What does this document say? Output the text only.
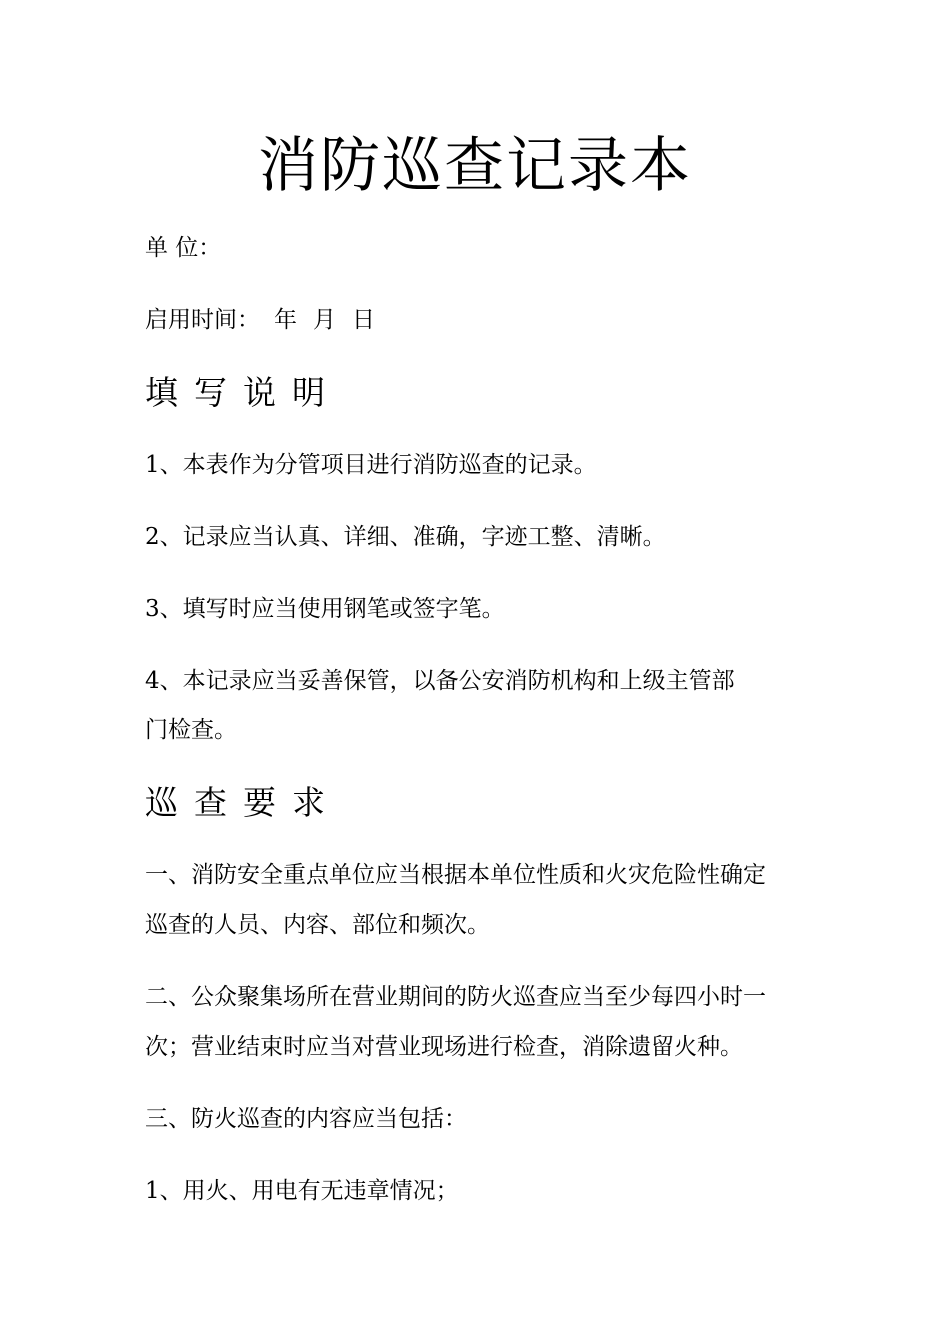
消防巡查记录本
单 位：
启用时间： 年 月 日
填写说明
1、本表作为分管项目进行消防巡查的记录。
2、记录应当认真、详细、准确，字迹工整、清晰。
3、填写时应当使用钢笔或签字笔。
4、本记录应当妥善保管，以备公安消防机构和上级主管部
门检查。
巡查要求
一、消防安全重点单位应当根据本单位性质和火灾危险性确定
巡查的人员、内容、部位和频次。
二、公众聚集场所在营业期间的防火巡查应当至少每四小时一
次；营业结束时应当对营业现场进行检查，消除遗留火种。
三、防火巡查的内容应当包括：
1、用火、用电有无违章情况；
